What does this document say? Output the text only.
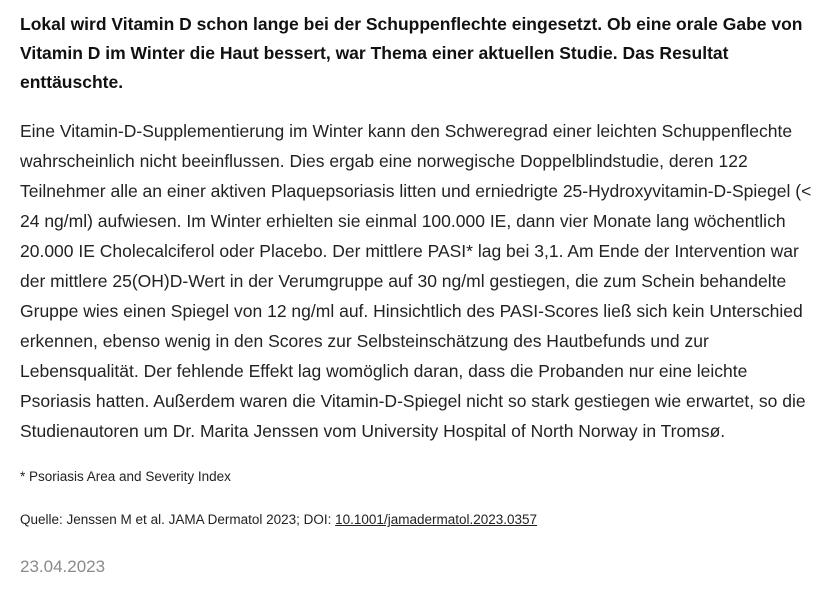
Lokal wird Vitamin D schon lange bei der Schuppenflechte eingesetzt. Ob eine orale Gabe von Vitamin D im Winter die Haut bessert, war Thema einer aktuellen Studie. Das Resultat enttäuschte.

Eine Vitamin-D-Supplementierung im Winter kann den Schweregrad einer leichten Schuppenflechte wahrscheinlich nicht beeinflussen. Dies ergab eine norwegische Doppelblindstudie, deren 122 Teilnehmer alle an einer aktiven Plaquepsoriasis litten und erniedrigte 25-Hydroxyvitamin-D-Spiegel (< 24 ng/ml) aufwiesen. Im Winter erhielten sie einmal 100.000 IE, dann vier Monate lang wöchentlich 20.000 IE Cholecalciferol oder Placebo. Der mittlere PASI* lag bei 3,1. Am Ende der Intervention war der mittlere 25(OH)D-Wert in der Verumgruppe auf 30 ng/ml gestiegen, die zum Schein behandelte Gruppe wies einen Spiegel von 12 ng/ml auf. Hinsichtlich des PASI-Scores ließ sich kein Unterschied erkennen, ebenso wenig in den Scores zur Selbsteinschätzung des Hautbefunds und zur Lebensqualität. Der fehlende Effekt lag womöglich daran, dass die Probanden nur eine leichte Psoriasis hatten. Außerdem waren die Vitamin-D-Spiegel nicht so stark gestiegen wie erwartet, so die Studienautoren um Dr. Marita Jenssen vom University Hospital of North Norway in Tromsø.

* Psoriasis Area and Severity Index

Quelle: Jenssen M et al. JAMA Dermatol 2023; DOI: 10.1001/jamadermatol.2023.0357

23.04.2023
